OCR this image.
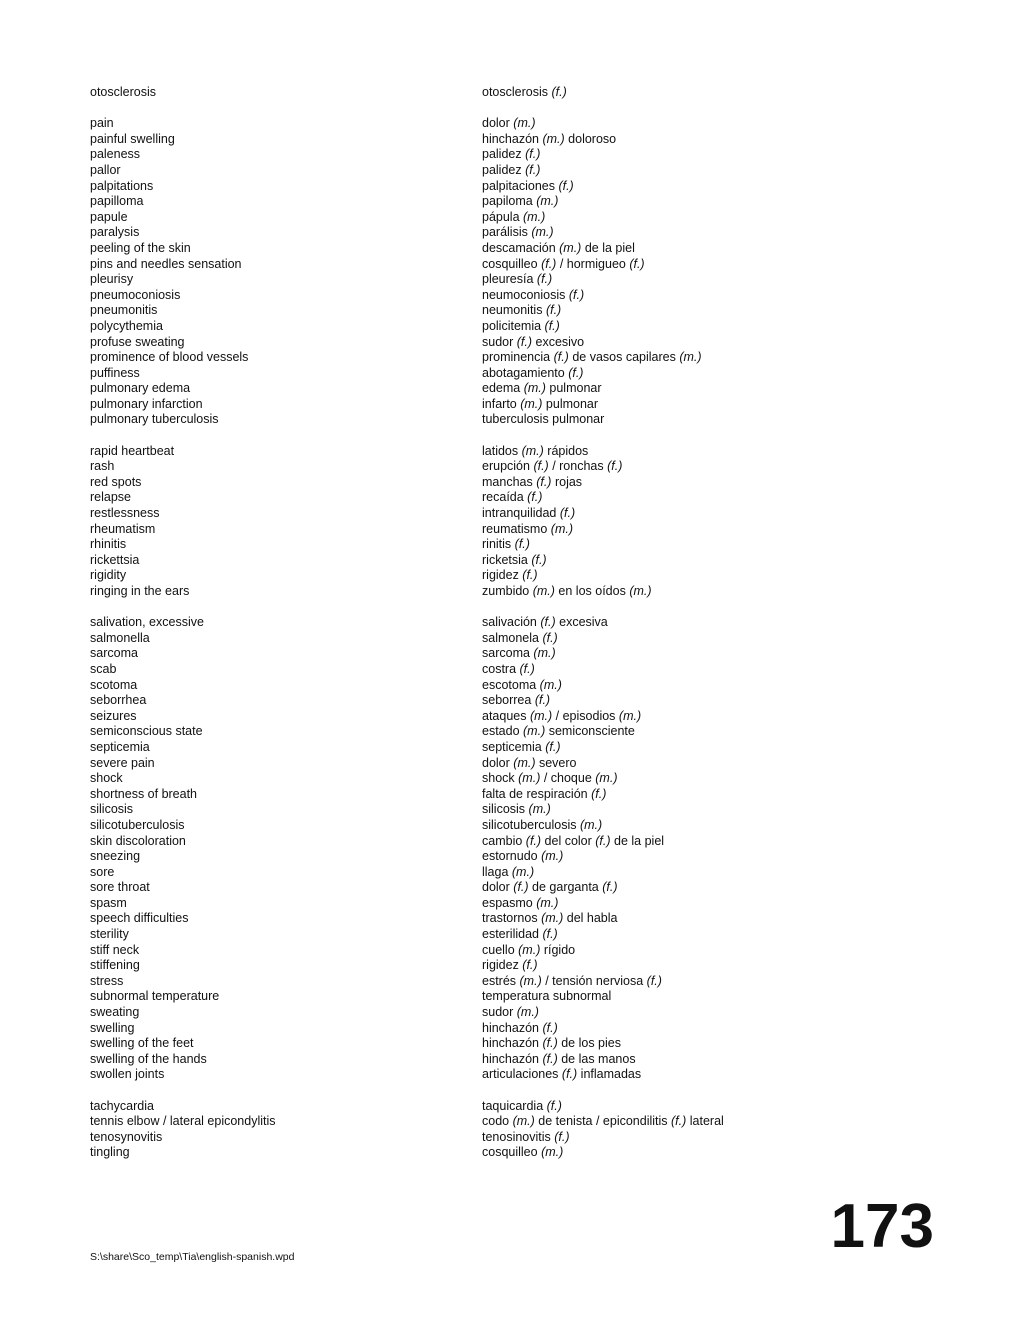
otosclerosis	otosclerosis (f.)
pain	dolor (m.)
painful swelling	hinchazón (m.) doloroso
paleness	palidez (f.)
pallor	palidez (f.)
palpitations	palpitaciones (f.)
papilloma	papiloma (m.)
papule	pápula (m.)
paralysis	parálisis (m.)
peeling of the skin	descamación (m.) de la piel
pins and needles sensation	cosquilleo (f.) / hormigueo (f.)
pleurisy	pleuresía (f.)
pneumoconiosis	neumoconiosis (f.)
pneumonitis	neumonitis (f.)
polycythemia	policitemia (f.)
profuse sweating	sudor (f.) excesivo
prominence of blood vessels	prominencia (f.) de vasos capilares (m.)
puffiness	abotagamiento (f.)
pulmonary edema	edema (m.) pulmonar
pulmonary infarction	infarto (m.) pulmonar
pulmonary tuberculosis	tuberculosis pulmonar
rapid heartbeat	latidos (m.) rápidos
rash	erupción (f.) / ronchas (f.)
red spots	manchas (f.) rojas
relapse	recaída (f.)
restlessness	intranquilidad (f.)
rheumatism	reumatismo (m.)
rhinitis	rinitis (f.)
rickettsia	ricketsia (f.)
rigidity	rigidez (f.)
ringing in the ears	zumbido (m.) en los oídos (m.)
salivation, excessive	salivación (f.) excesiva
salmonella	salmonela (f.)
sarcoma	sarcoma (m.)
scab	costra (f.)
scotoma	escotoma (m.)
seborrhea	seborrea (f.)
seizures	ataques (m.) / episodios (m.)
semiconscious state	estado (m.) semiconsciente
septicemia	septicemia (f.)
severe pain	dolor (m.) severo
shock	shock (m.) / choque (m.)
shortness of breath	falta de respiración (f.)
silicosis	silicosis (m.)
silicotuberculosis	silicotuberculosis (m.)
skin discoloration	cambio (f.) del color (f.) de la piel
sneezing	estornudo (m.)
sore	llaga (m.)
sore throat	dolor (f.) de garganta (f.)
spasm	espasmo (m.)
speech difficulties	trastornos (m.) del habla
sterility	esterilidad (f.)
stiff neck	cuello (m.) rígido
stiffening	rigidez (f.)
stress	estrés (m.) / tensión nerviosa (f.)
subnormal temperature	temperatura subnormal
sweating	sudor (m.)
swelling	hinchazón (f.)
swelling of the feet	hinchazón (f.) de los pies
swelling of the hands	hinchazón (f.) de las manos
swollen joints	articulaciones (f.) inflamadas
tachycardia	taquicardia (f.)
tennis elbow / lateral epicondylitis	codo (m.) de tenista / epicondilitis (f.) lateral
tenosynovitis	tenosinovitis (f.)
tingling	cosquilleo (m.)
S:\share\Sco_temp\Tia\english-spanish.wpd	173
